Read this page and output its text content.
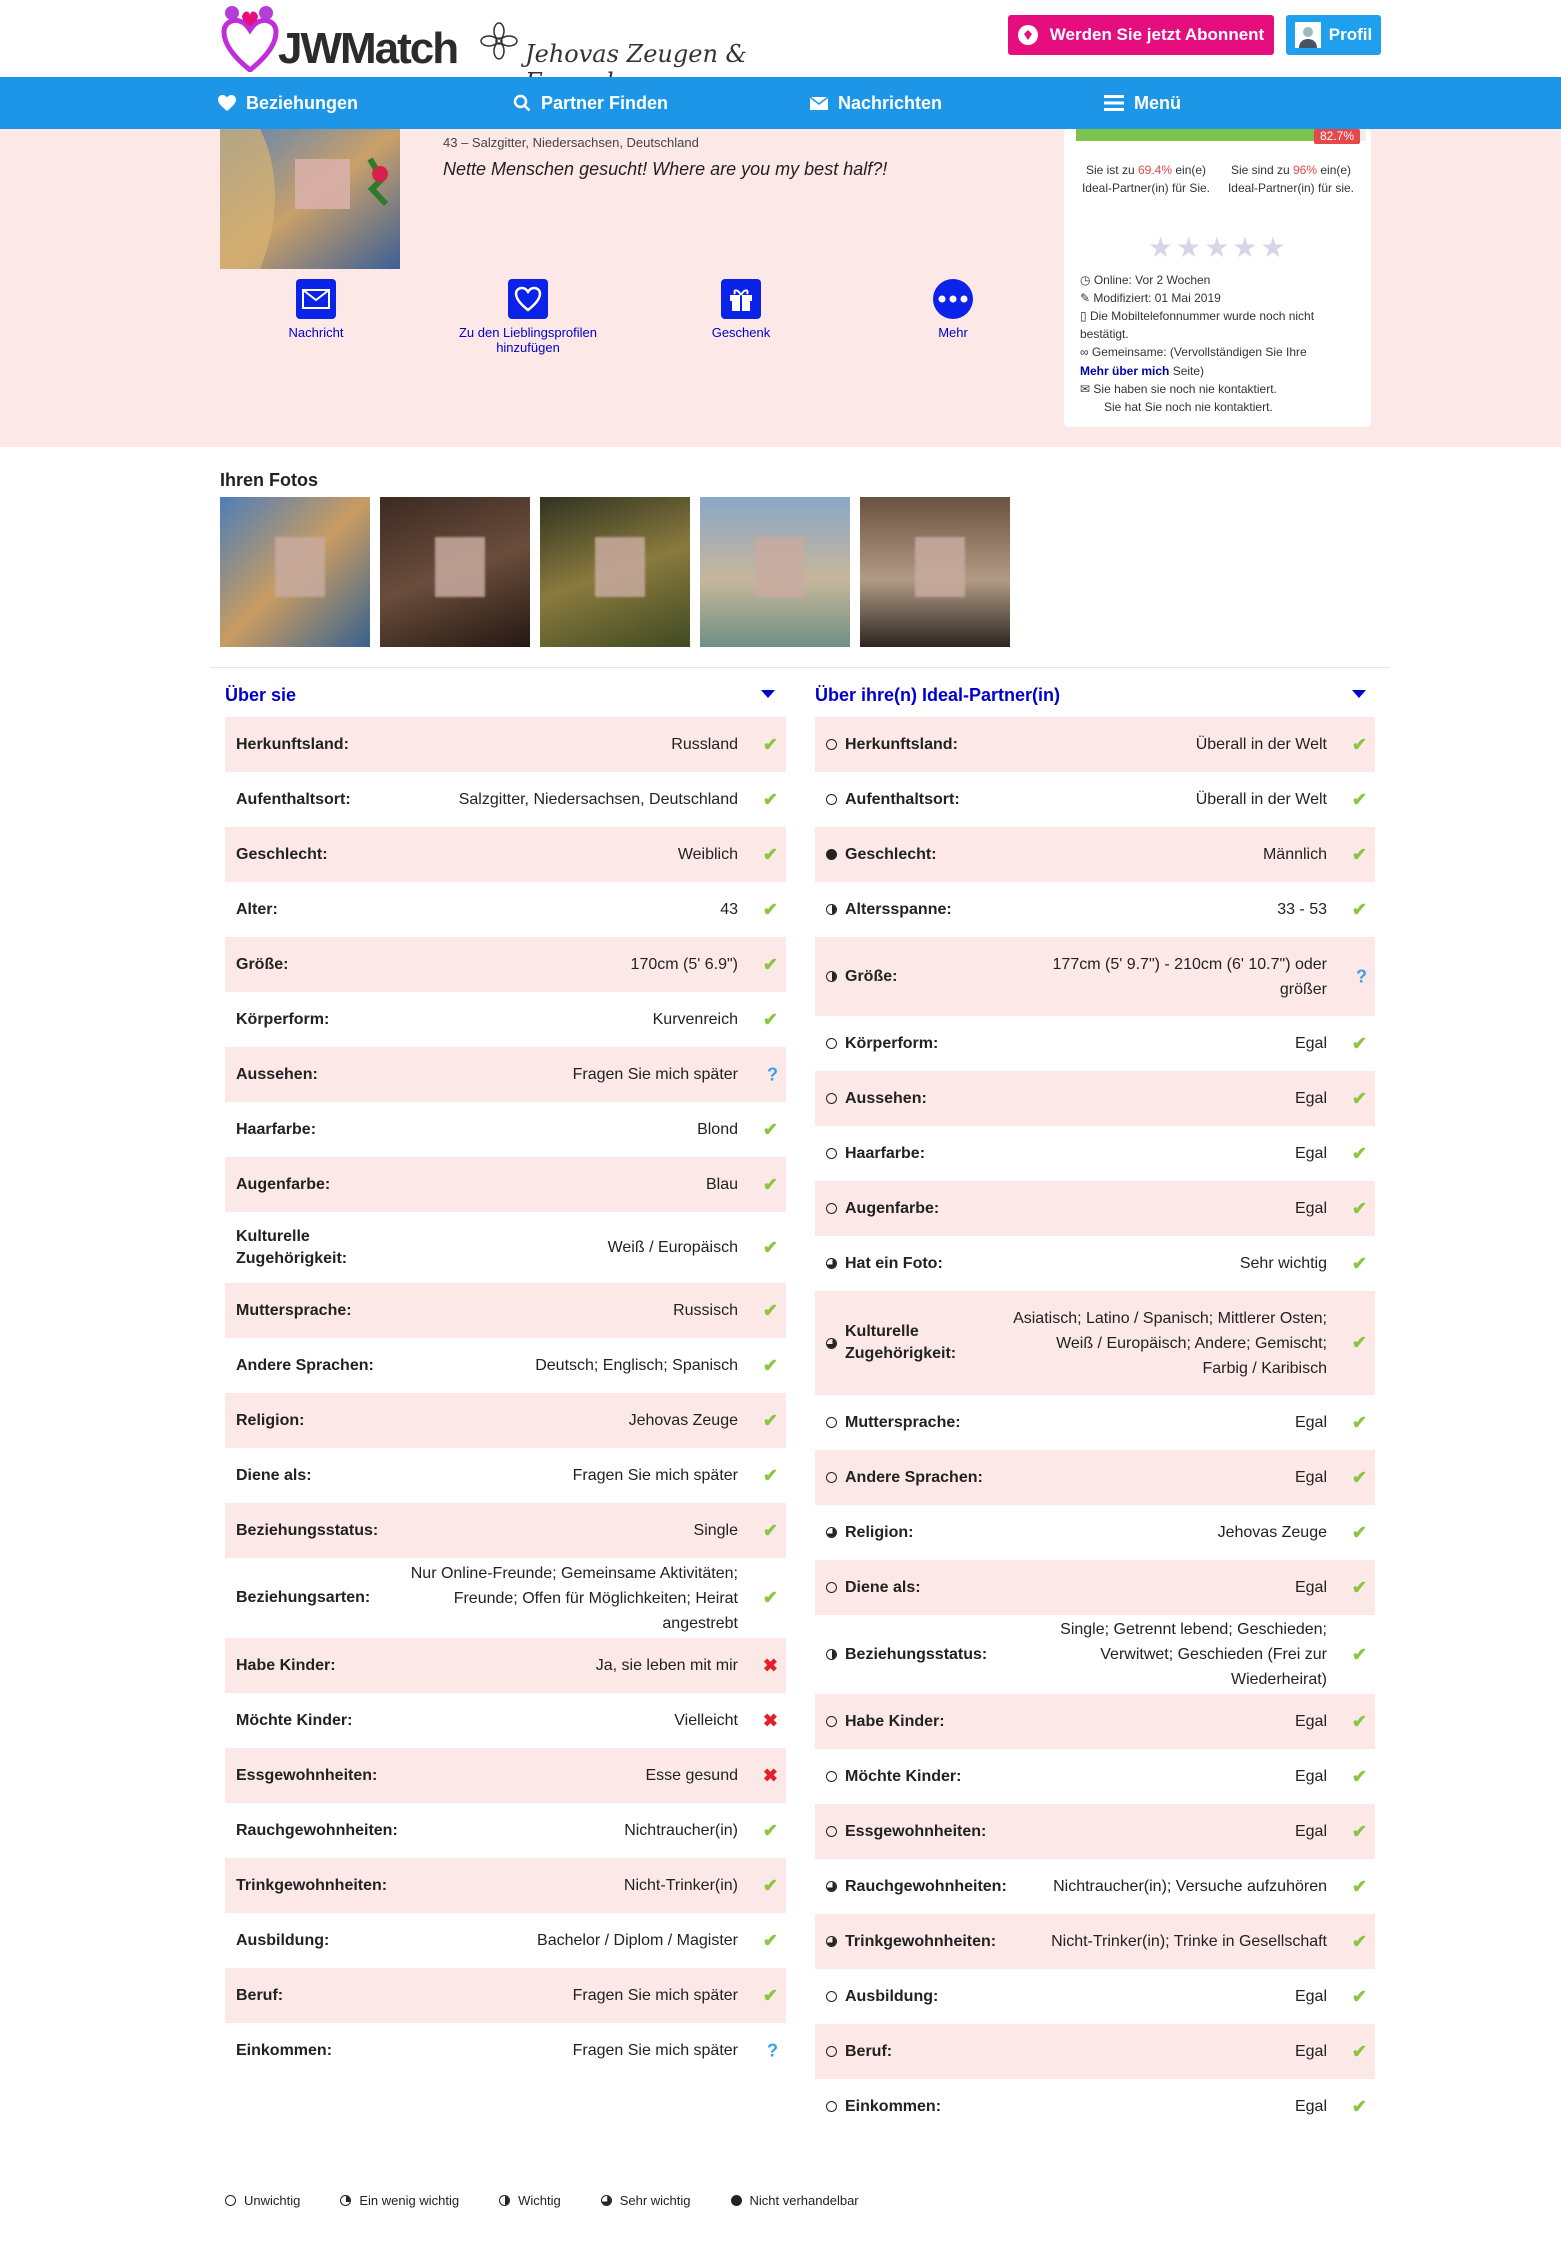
JWMatch	Jehovas Zeugen &
Werden Sie jetzt Abonnent	Profil
Beziehungen	Partner Finden	Nachrichten	Menü
43 – Salzgitter, Niedersachsen, Deutschland
Nette Menschen gesucht! Where are you my best half?!
Nachricht	Zu den Lieblingsprofilen hinzufügen
Geschenk	Mehr
82.7%
Sie ist zu 69.4% ein(e) Ideal-Partner(in) für Sie.
Sie sind zu 96% ein(e) Ideal-Partner(in) für sie.
★★★★★
◷ Online: Vor 2 Wochen
✎ Modifiziert: 01 Mai 2019
▯ Die Mobiltelefonnummer wurde noch nicht bestätigt.
∞ Gemeinsame: (Vervollständigen Sie Ihre
Mehr über mich Seite)
✉ Sie haben sie noch nie kontaktiert.
Sie hat Sie noch nie kontaktiert.
Ihren Fotos
Über sie	Über ihre(n) Ideal-Partner(in)
Herkunftsland:	Russland ✔
Aufenthaltsort:	Salzgitter, Niedersachsen, Deutschland ✔
Geschlecht:	Weiblich ✔
Alter:	43 ✔
Größe:	170cm (5' 6.9") ✔
Körperform:	Kurvenreich ✔
Aussehen:	Fragen Sie mich später ?
Haarfarbe:	Blond ✔
Augenfarbe:	Blau ✔
Kulturelle Zugehörigkeit:
Weiß / Europäisch ✔
Muttersprache:	Russisch ✔
Andere Sprachen:	Deutsch; Englisch; Spanisch ✔
Religion:	Jehovas Zeuge ✔
Diene als:	Fragen Sie mich später ✔
Beziehungsstatus:	Single ✔
Beziehungsarten:
Nur Online-Freunde; Gemeinsame Aktivitäten; Freunde; Offen für Möglichkeiten; Heirat angestrebt
✔
Habe Kinder:	Ja, sie leben mit mir ✖
Möchte Kinder:	Vielleicht ✖
Essgewohnheiten:	Esse gesund ✖
Rauchgewohnheiten:	Nichtraucher(in) ✔
Trinkgewohnheiten:	Nicht-Trinker(in) ✔
Ausbildung:	Bachelor / Diplom / Magister ✔
Beruf:	Fragen Sie mich später ✔
Einkommen:	Fragen Sie mich später ?
Herkunftsland:	Überall in der Welt ✔
Aufenthaltsort:	Überall in der Welt ✔
Geschlecht:	Männlich ✔
Altersspanne:	33 - 53 ✔
Größe:
177cm (5' 9.7") - 210cm (6' 10.7") oder größer
?
Körperform:	Egal ✔
Aussehen:	Egal ✔
Haarfarbe:	Egal ✔
Augenfarbe:	Egal ✔
Hat ein Foto:	Sehr wichtig ✔
Kulturelle Zugehörigkeit:
Asiatisch; Latino / Spanisch; Mittlerer Osten; Weiß / Europäisch; Andere; Gemischt; Farbig / Karibisch
✔
Muttersprache:	Egal ✔
Andere Sprachen:	Egal ✔
Religion:	Jehovas Zeuge ✔
Diene als:	Egal ✔
Beziehungsstatus:
Single; Getrennt lebend; Geschieden; Verwitwet; Geschieden (Frei zur Wiederheirat)
✔
Habe Kinder:	Egal ✔
Möchte Kinder:	Egal ✔
Essgewohnheiten:	Egal ✔
Rauchgewohnheiten:	Nichtraucher(in); Versuche aufzuhören ✔
Trinkgewohnheiten:	Nicht-Trinker(in); Trinke in Gesellschaft ✔
Ausbildung:	Egal ✔
Beruf:	Egal ✔
Einkommen:	Egal ✔
Unwichtig	Ein wenig wichtig	Wichtig	Sehr wichtig	Nicht verhandelbar
